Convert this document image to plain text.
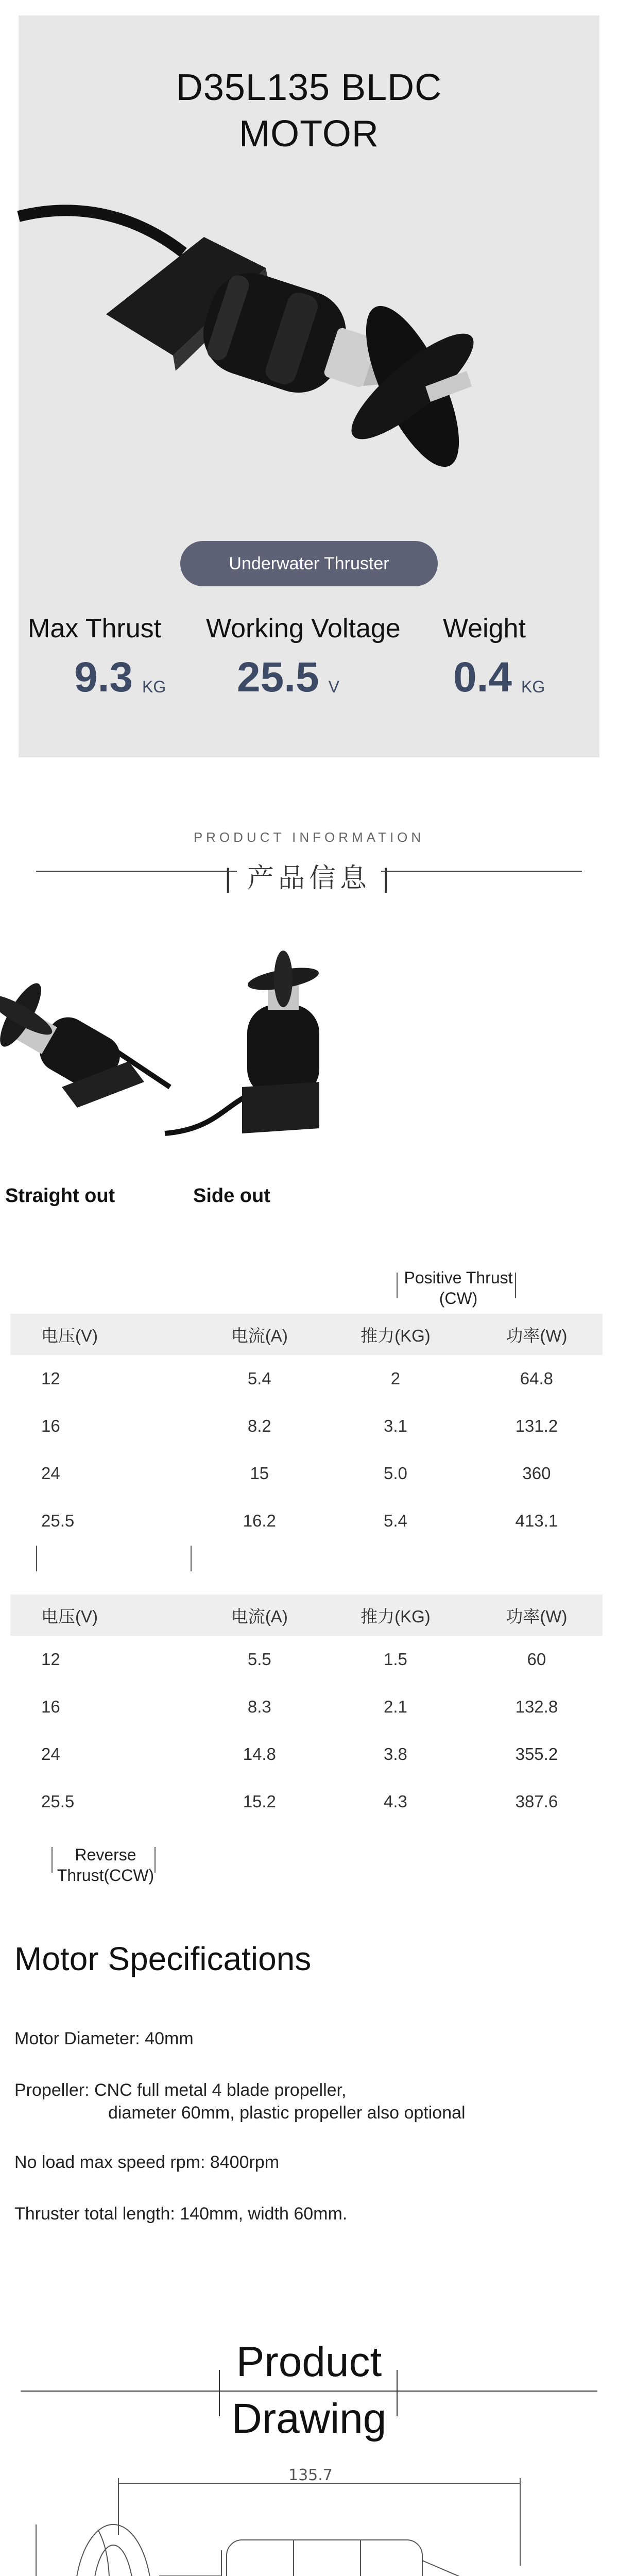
D35L135 BLDC
MOTOR
Underwater Thruster
Max Thrust
9.3 KG
Working Voltage
25.5 V
Weight
0.4 KG
PRODUCT INFORMATION
| 产品信息 |
Straight out	Side out
Positive Thrust (CW)
电压(V)	电流(A)	推力(KG)	功率(W)
12	5.4	2	64.8
16	8.2	3.1	131.2
24	15	5.0	360
25.5	16.2	5.4	413.1
电压(V)	电流(A)	推力(KG)	功率(W)
12	5.5	1.5	60
16	8.3	2.1	132.8
24	14.8	3.8	355.2
25.5	15.2	4.3	387.6
Reverse Thrust(CCW)
Motor Specifications
Motor Diameter: 40mm
Propeller: CNC full metal 4 blade propeller,
diameter 60mm, plastic propeller also optional
No load max speed rpm: 8400rpm
Thruster total length: 140mm, width 60mm.
Product
Drawing
135.7
